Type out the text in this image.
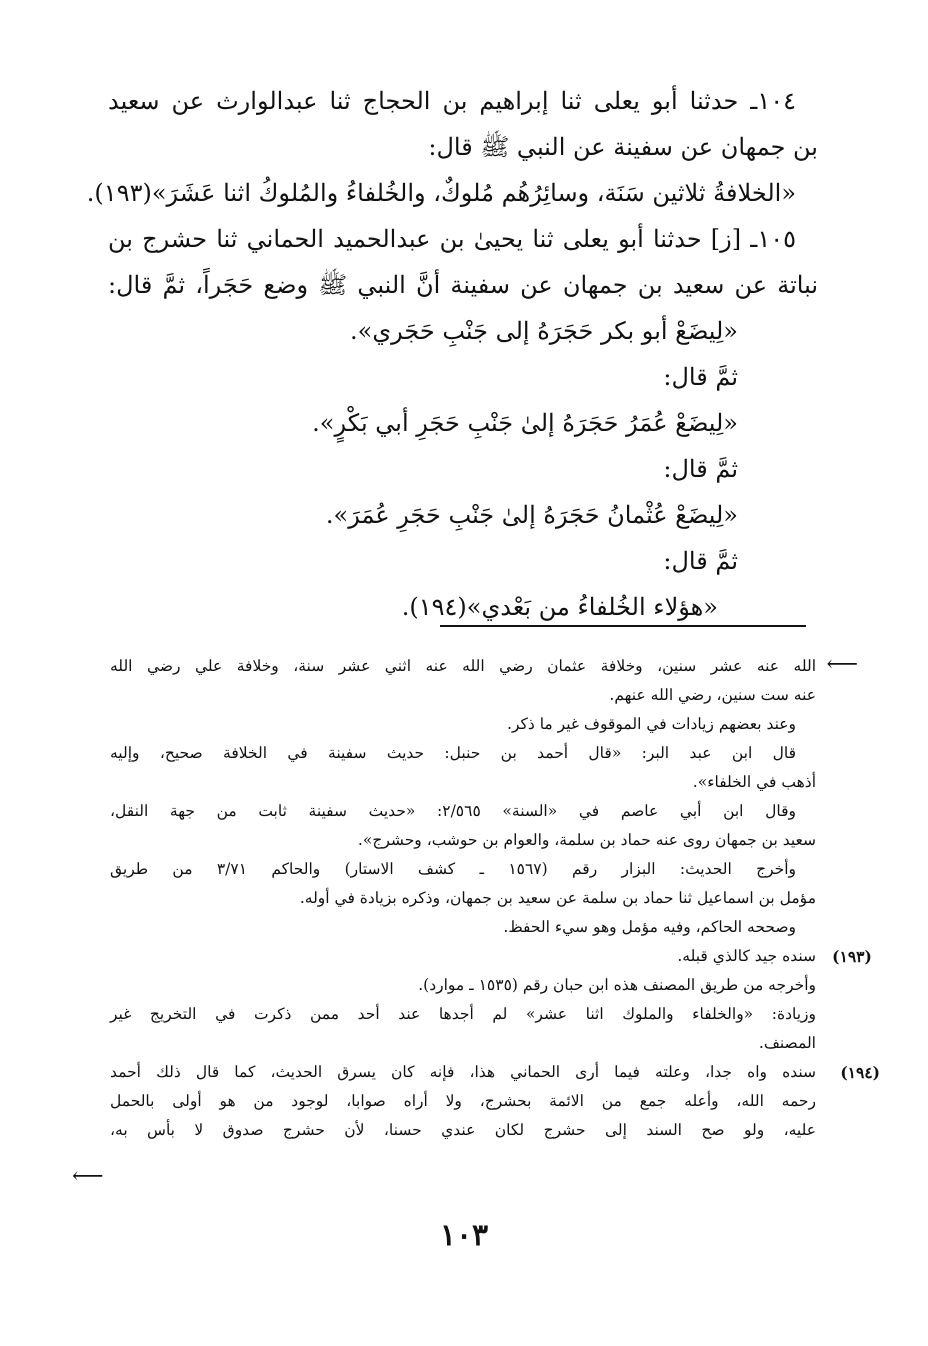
١٠٤ـ حدثنا أبو يعلى ثنا إبراهيم بن الحجاج ثنا عبدالوارث عن سعيد
بن جمهان عن سفينة عن النبي ﷺ قال:
«الخلافةُ ثلاثين سَنَة، وسائِرُهُم مُلوكٌ، والخُلفاءُ والمُلوكُ اثنا عَشَرَ»(١٩٣).
١٠٥ـ [ز] حدثنا أبو يعلى ثنا يحيىٰ بن عبدالحميد الحماني ثنا حشرج بن
نباتة عن سعيد بن جمهان عن سفينة أنَّ النبي ﷺ وضع حَجَراً، ثمَّ قال:
«لِيضَعْ أبو بكر حَجَرَهُ إلى جَنْبِ حَجَري».
ثمَّ قال:
«لِيضَعْ عُمَرُ حَجَرَهُ إلىٰ جَنْبِ حَجَرِ أبي بَكْرٍ».
ثمَّ قال:
«لِيضَعْ عُثْمانُ حَجَرَهُ إلىٰ جَنْبِ حَجَرِ عُمَرَ».
ثمَّ قال:
«هؤلاء الخُلفاءُ من بَعْدي»(١٩٤).
⟵
الله عنه عشر سنين، وخلافة عثمان رضي الله عنه اثني عشر سنة، وخلافة علي رضي الله
عنه ست سنين، رضي الله عنهم.
وعند بعضهم زيادات في الموقوف غير ما ذكر.
قال ابن عبد البر: «قال أحمد بن حنبل: حديث سفينة في الخلافة صحيح، وإليه
أذهب في الخلفاء».
وقال ابن أبي عاصم في «السنة» ٢/٥٦٥: «حديث سفينة ثابت من جهة النقل،
سعيد بن جمهان روى عنه حماد بن سلمة، والعوام بن حوشب، وحشرج».
وأخرج الحديث: البزار رقم (١٥٦٧ ـ كشف الاستار) والحاكم ٣/٧١ من طريق
مؤمل بن اسماعيل ثنا حماد بن سلمة عن سعيد بن جمهان، وذكره بزيادة في أوله.
وصححه الحاكم، وفيه مؤمل وهو سيء الحفظ.
سنده جيد كالذي قبله.	(١٩٣)
وأخرجه من طريق المصنف هذه ابن حبان رقم (١٥٣٥ ـ موارد).
وزيادة: «والخلفاء والملوك اثنا عشر» لم أجدها عند أحد ممن ذكرت في التخريج غير
المصنف.
سنده واه جدا، وعلته فيما أرى الحماني هذا، فإنه كان يسرق الحديث، كما قال ذلك أحمد	(١٩٤)
رحمه الله، وأعله جمع من الائمة بحشرج، ولا أراه صوابا، لوجود من هو أولى بالحمل
عليه، ولو صح السند إلى حشرج لكان عندي حسنا، لأن حشرج صدوق لا بأس به،
⟵
١٠٣
